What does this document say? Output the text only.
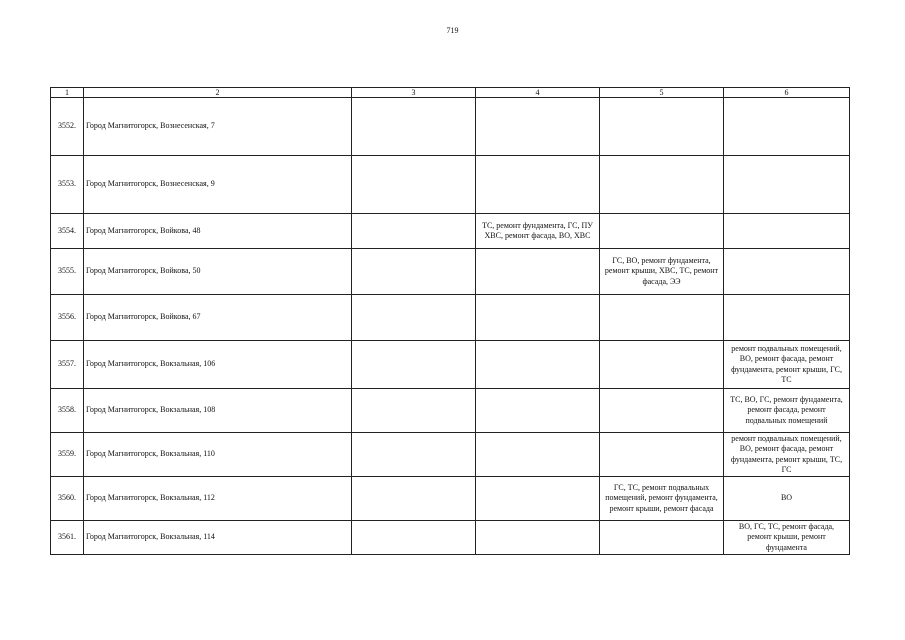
719
1	2	3	4	5	6
3552.	Город Магнитогорск, Вознесенская, 7				
3553.	Город Магнитогорск, Вознесенская, 9				
3554.	Город Магнитогорск, Войкова, 48		ТС, ремонт фундамента, ГС, ПУ ХВС, ремонт фасада, ВО, ХВС		
3555.	Город Магнитогорск, Войкова, 50			ГС, ВО, ремонт фундамента, ремонт крыши, ХВС, ТС, ремонт фасада, ЭЭ	
3556.	Город Магнитогорск, Войкова, 67				
3557.	Город Магнитогорск, Вокзальная, 106				ремонт подвальных помещений, ВО, ремонт фасада, ремонт фундамента, ремонт крыши, ГС, ТС
3558.	Город Магнитогорск, Вокзальная, 108				ТС, ВО, ГС, ремонт фундамента, ремонт фасада, ремонт подвальных помещений
3559.	Город Магнитогорск, Вокзальная, 110				ремонт подвальных помещений, ВО, ремонт фасада, ремонт фундамента, ремонт крыши, ТС, ГС
3560.	Город Магнитогорск, Вокзальная, 112			ГС, ТС, ремонт подвальных помещений, ремонт фундамента, ремонт крыши, ремонт фасада	ВО
3561.	Город Магнитогорск, Вокзальная, 114				ВО, ГС, ТС, ремонт фасада, ремонт крыши, ремонт фундамента
